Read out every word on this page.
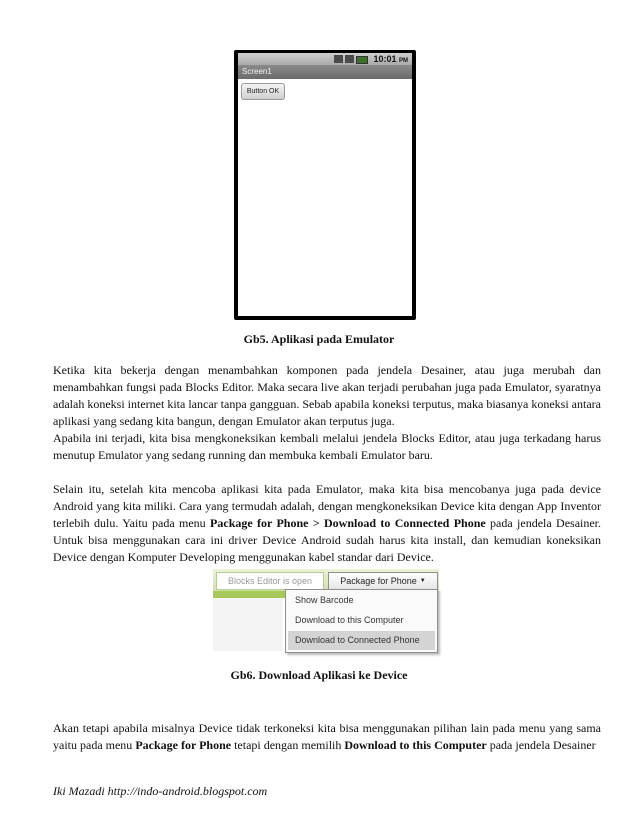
10:01 PM
Screen1
Button OK
Gb5. Aplikasi pada Emulator

Ketika kita bekerja dengan menambahkan komponen pada jendela Desainer, atau juga merubah dan menambahkan fungsi pada Blocks Editor. Maka secara live akan terjadi perubahan juga pada Emulator, syaratnya adalah koneksi internet kita lancar tanpa gangguan. Sebab apabila koneksi terputus, maka biasanya koneksi antara aplikasi yang sedang kita bangun, dengan Emulator akan terputus juga.

Apabila ini terjadi, kita bisa mengkoneksikan kembali melalui jendela Blocks Editor, atau juga terkadang harus menutup Emulator yang sedang running dan membuka kembali Emulator baru.

Selain itu, setelah kita mencoba aplikasi kita pada Emulator, maka kita bisa mencobanya juga pada device Android yang kita miliki. Cara yang termudah adalah, dengan mengkoneksikan Device kita dengan App Inventor terlebih dulu. Yaitu pada menu Package for Phone > Download to Connected Phone pada jendela Desainer. Untuk bisa menggunakan cara ini driver Device Android sudah harus kita install, dan kemudian koneksikan Device dengan Komputer Developing menggunakan kabel standar dari Device.

Blocks Editor is open	Package for Phone ▼
Show Barcode
Download to this Computer
Download to Connected Phone
Gb6. Download Aplikasi ke Device

Akan tetapi apabila misalnya Device tidak terkoneksi kita bisa menggunakan pilihan lain pada menu yang sama yaitu pada menu Package for Phone tetapi dengan memilih Download to this Computer pada jendela Desainer

Iki Mazadi http://indo-android.blogspot.com
